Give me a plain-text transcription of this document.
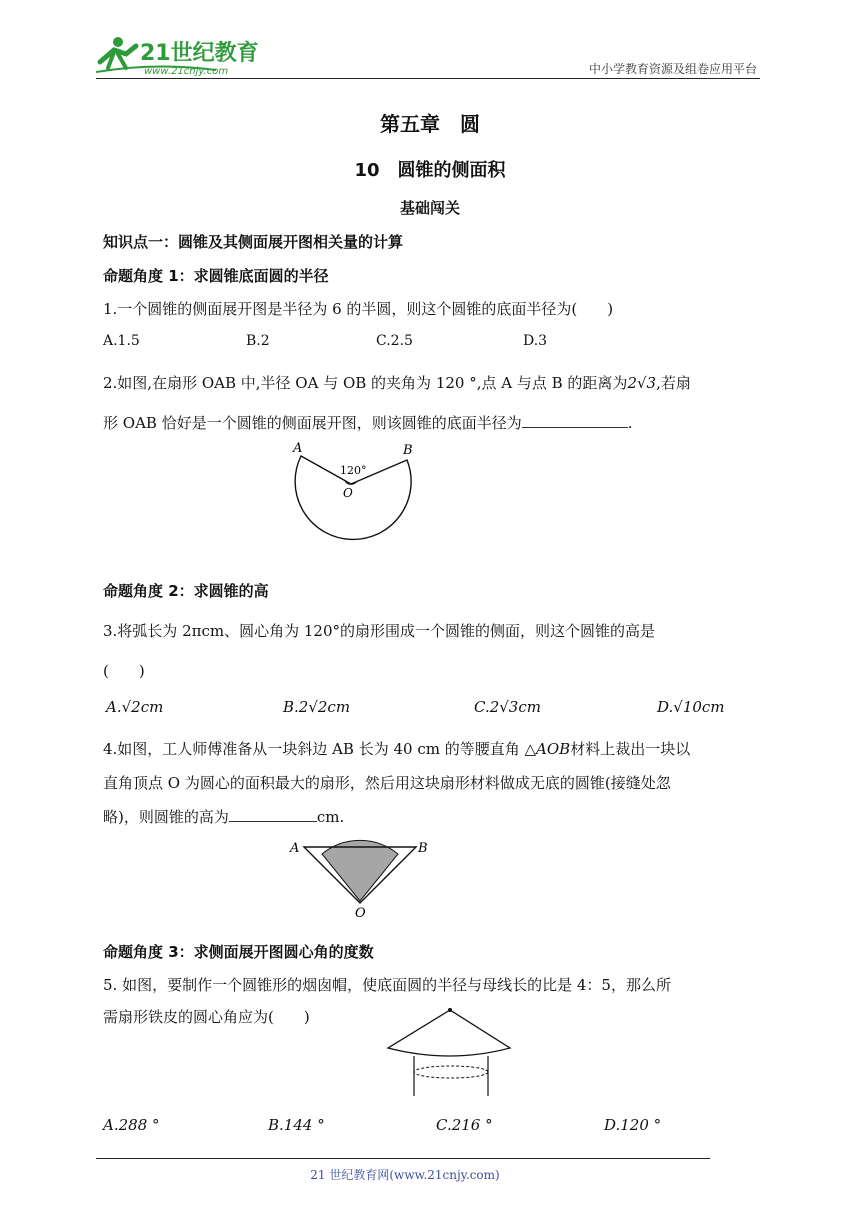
21世纪教育
www.21cnjy.com	中小学教育资源及组卷应用平台
第五章　圆
10　圆锥的侧面积
基础闯关
知识点一：圆锥及其侧面展开图相关量的计算
命题角度 1：求圆锥底面圆的半径
1.一个圆锥的侧面展开图是半径为 6 的半圆，则这个圆锥的底面半径为(　　)
A.1.5	B.2	C.2.5	D.3
2.如图,在扇形 OAB 中,半径 OA 与 OB 的夹角为 120 °,点 A 与点 B 的距离为2√3,若扇
形 OAB 恰好是一个圆锥的侧面展开图，则该圆锥的底面半径为	.
A	B
O
120°
命题角度 2：求圆锥的高
3.将弧长为 2πcm、圆心角为 120°的扇形围成一个圆锥的侧面，则这个圆锥的高是
(　　)
A.√2cm	B.2√2cm	C.2√3cm	D.√10cm
4.如图，工人师傅准备从一块斜边 AB 长为 40 cm 的等腰直角 △AOB材料上裁出一块以
直角顶点 O 为圆心的面积最大的扇形，然后用这块扇形材料做成无底的圆锥(接缝处忽
略)，则圆锥的高为	cm.
A	B
O
命题角度 3：求侧面展开图圆心角的度数
5. 如图，要制作一个圆锥形的烟囱帽，使底面圆的半径与母线长的比是 4：5，那么所
需扇形铁皮的圆心角应为(　　)
A.288 °	B.144 °	C.216 °	D.120 °
21 世纪教育网(www.21cnjy.com)
